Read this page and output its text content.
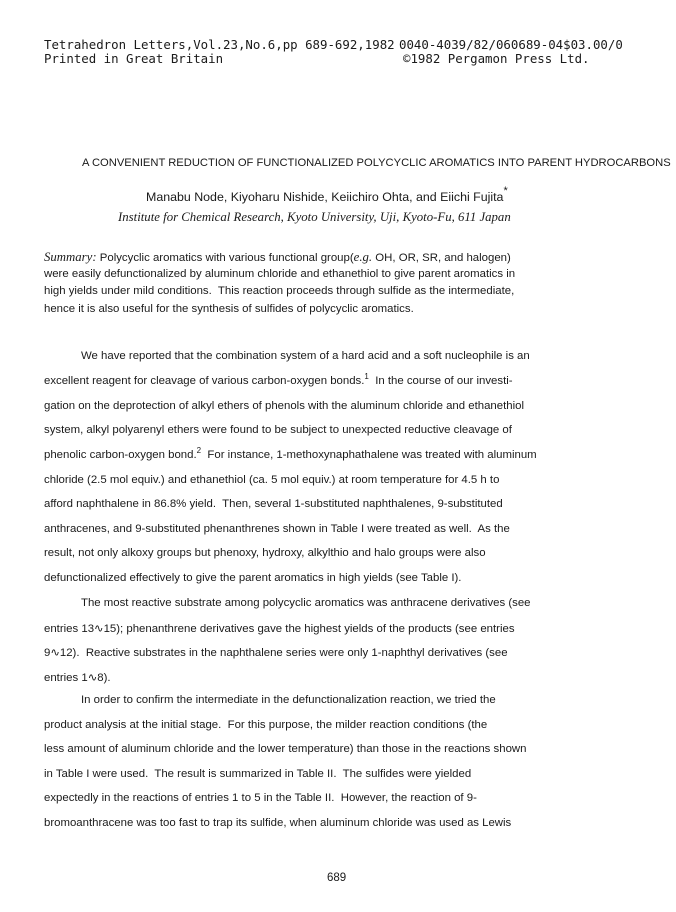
Tetrahedron Letters,Vol.23,No.6,pp 689-692,1982
Printed in Great Britain
0040-4039/82/060689-04$03.00/0
©1982 Pergamon Press Ltd.
A CONVENIENT REDUCTION OF FUNCTIONALIZED POLYCYCLIC AROMATICS INTO PARENT HYDROCARBONS
Manabu Node, Kiyoharu Nishide, Keiichiro Ohta, and Eiichi Fujita*
Institute for Chemical Research, Kyoto University, Uji, Kyoto-Fu, 611 Japan
Summary: Polycyclic aromatics with various functional group(e.g. OH, OR, SR, and halogen)
were easily defunctionalized by aluminum chloride and ethanethiol to give parent aromatics in
high yields under mild conditions.  This reaction proceeds through sulfide as the intermediate,
hence it is also useful for the synthesis of sulfides of polycyclic aromatics.
We have reported that the combination system of a hard acid and a soft nucleophile is an
excellent reagent for cleavage of various carbon-oxygen bonds.$^1$  In the course of our investi-
gation on the deprotection of alkyl ethers of phenols with the aluminum chloride and ethanethiol
system, alkyl polyarenyl ethers were found to be subject to unexpected reductive cleavage of
phenolic carbon-oxygen bond.$^2$  For instance, 1-methoxynaphathalene was treated with aluminum
chloride (2.5 mol equiv.) and ethanethiol (ca. 5 mol equiv.) at room temperature for 4.5 h to
afford naphthalene in 86.8% yield.  Then, several 1-substituted naphthalenes, 9-substituted
anthracenes, and 9-substituted phenanthrenes shown in Table I were treated as well.  As the
result, not only alkoxy groups but phenoxy, hydroxy, alkylthio and halo groups were also
defunctionalized effectively to give the parent aromatics in high yields (see Table I).
The most reactive substrate among polycyclic aromatics was anthracene derivatives (see
entries 13∿15); phenanthrene derivatives gave the highest yields of the products (see entries
9∿12).  Reactive substrates in the naphthalene series were only 1-naphthyl derivatives (see
entries 1∿8).
In order to confirm the intermediate in the defunctionalization reaction, we tried the
product analysis at the initial stage.  For this purpose, the milder reaction conditions (the
less amount of aluminum chloride and the lower temperature) than those in the reactions shown
in Table I were used.  The result is summarized in Table II.  The sulfides were yielded
expectedly in the reactions of entries 1 to 5 in the Table II.  However, the reaction of 9-
bromoanthracene was too fast to trap its sulfide, when aluminum chloride was used as Lewis
689
